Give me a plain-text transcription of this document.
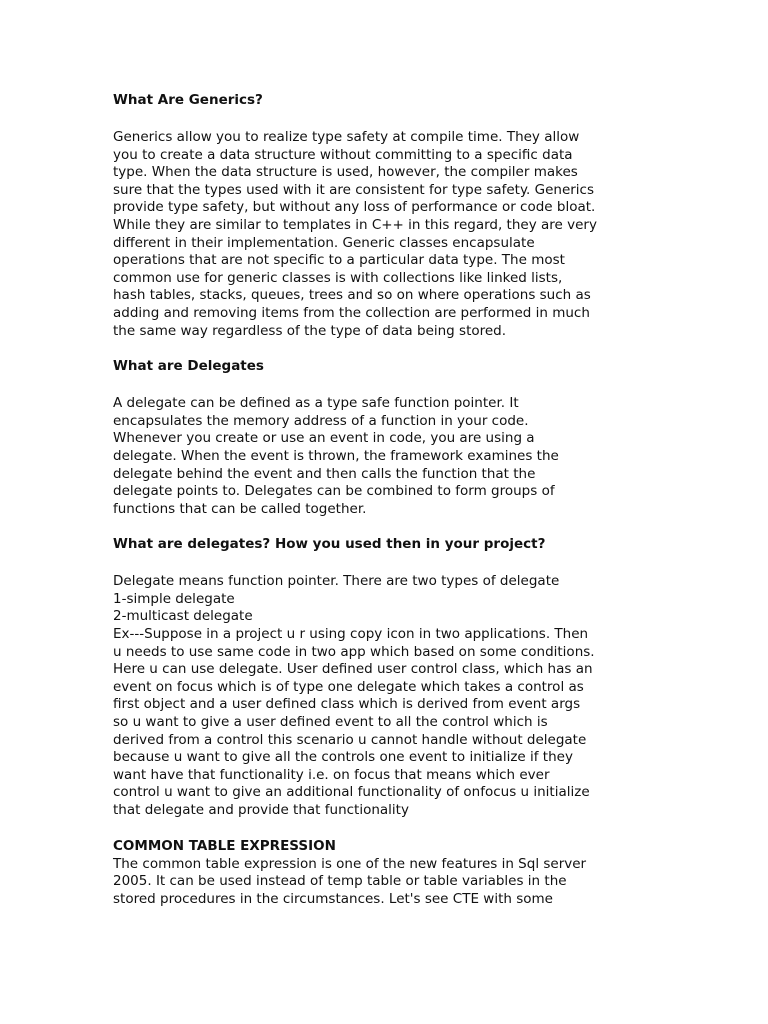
What Are Generics?

Generics allow you to realize type safety at compile time. They allow

you to create a data structure without committing to a specific data

type. When the data structure is used, however, the compiler makes

sure that the types used with it are consistent for type safety. Generics

provide type safety, but without any loss of performance or code bloat.

While they are similar to templates in C++ in this regard, they are very

different in their implementation. Generic classes encapsulate

operations that are not specific to a particular data type. The most

common use for generic classes is with collections like linked lists,

hash tables, stacks, queues, trees and so on where operations such as

adding and removing items from the collection are performed in much

the same way regardless of the type of data being stored.

What are Delegates

A delegate can be defined as a type safe function pointer. It

encapsulates the memory address of a function in your code.

Whenever you create or use an event in code, you are using a

delegate. When the event is thrown, the framework examines the

delegate behind the event and then calls the function that the

delegate points to. Delegates can be combined to form groups of

functions that can be called together.

What are delegates? How you used then in your project?

Delegate means function pointer. There are two types of delegate

1-simple delegate

2-multicast delegate

Ex---Suppose in a project u r using copy icon in two applications. Then

u needs to use same code in two app which based on some conditions.

Here u can use delegate. User defined user control class, which has an

event on focus which is of type one delegate which takes a control as

first object and a user defined class which is derived from event args

so u want to give a user defined event to all the control which is

derived from a control this scenario u cannot handle without delegate

because u want to give all the controls one event to initialize if they

want have that functionality i.e. on focus that means which ever

control u want to give an additional functionality of onfocus u initialize

that delegate and provide that functionality

COMMON TABLE EXPRESSION

The common table expression is one of the new features in Sql server

2005. It can be used instead of temp table or table variables in the

stored procedures in the circumstances. Let's see CTE with some
